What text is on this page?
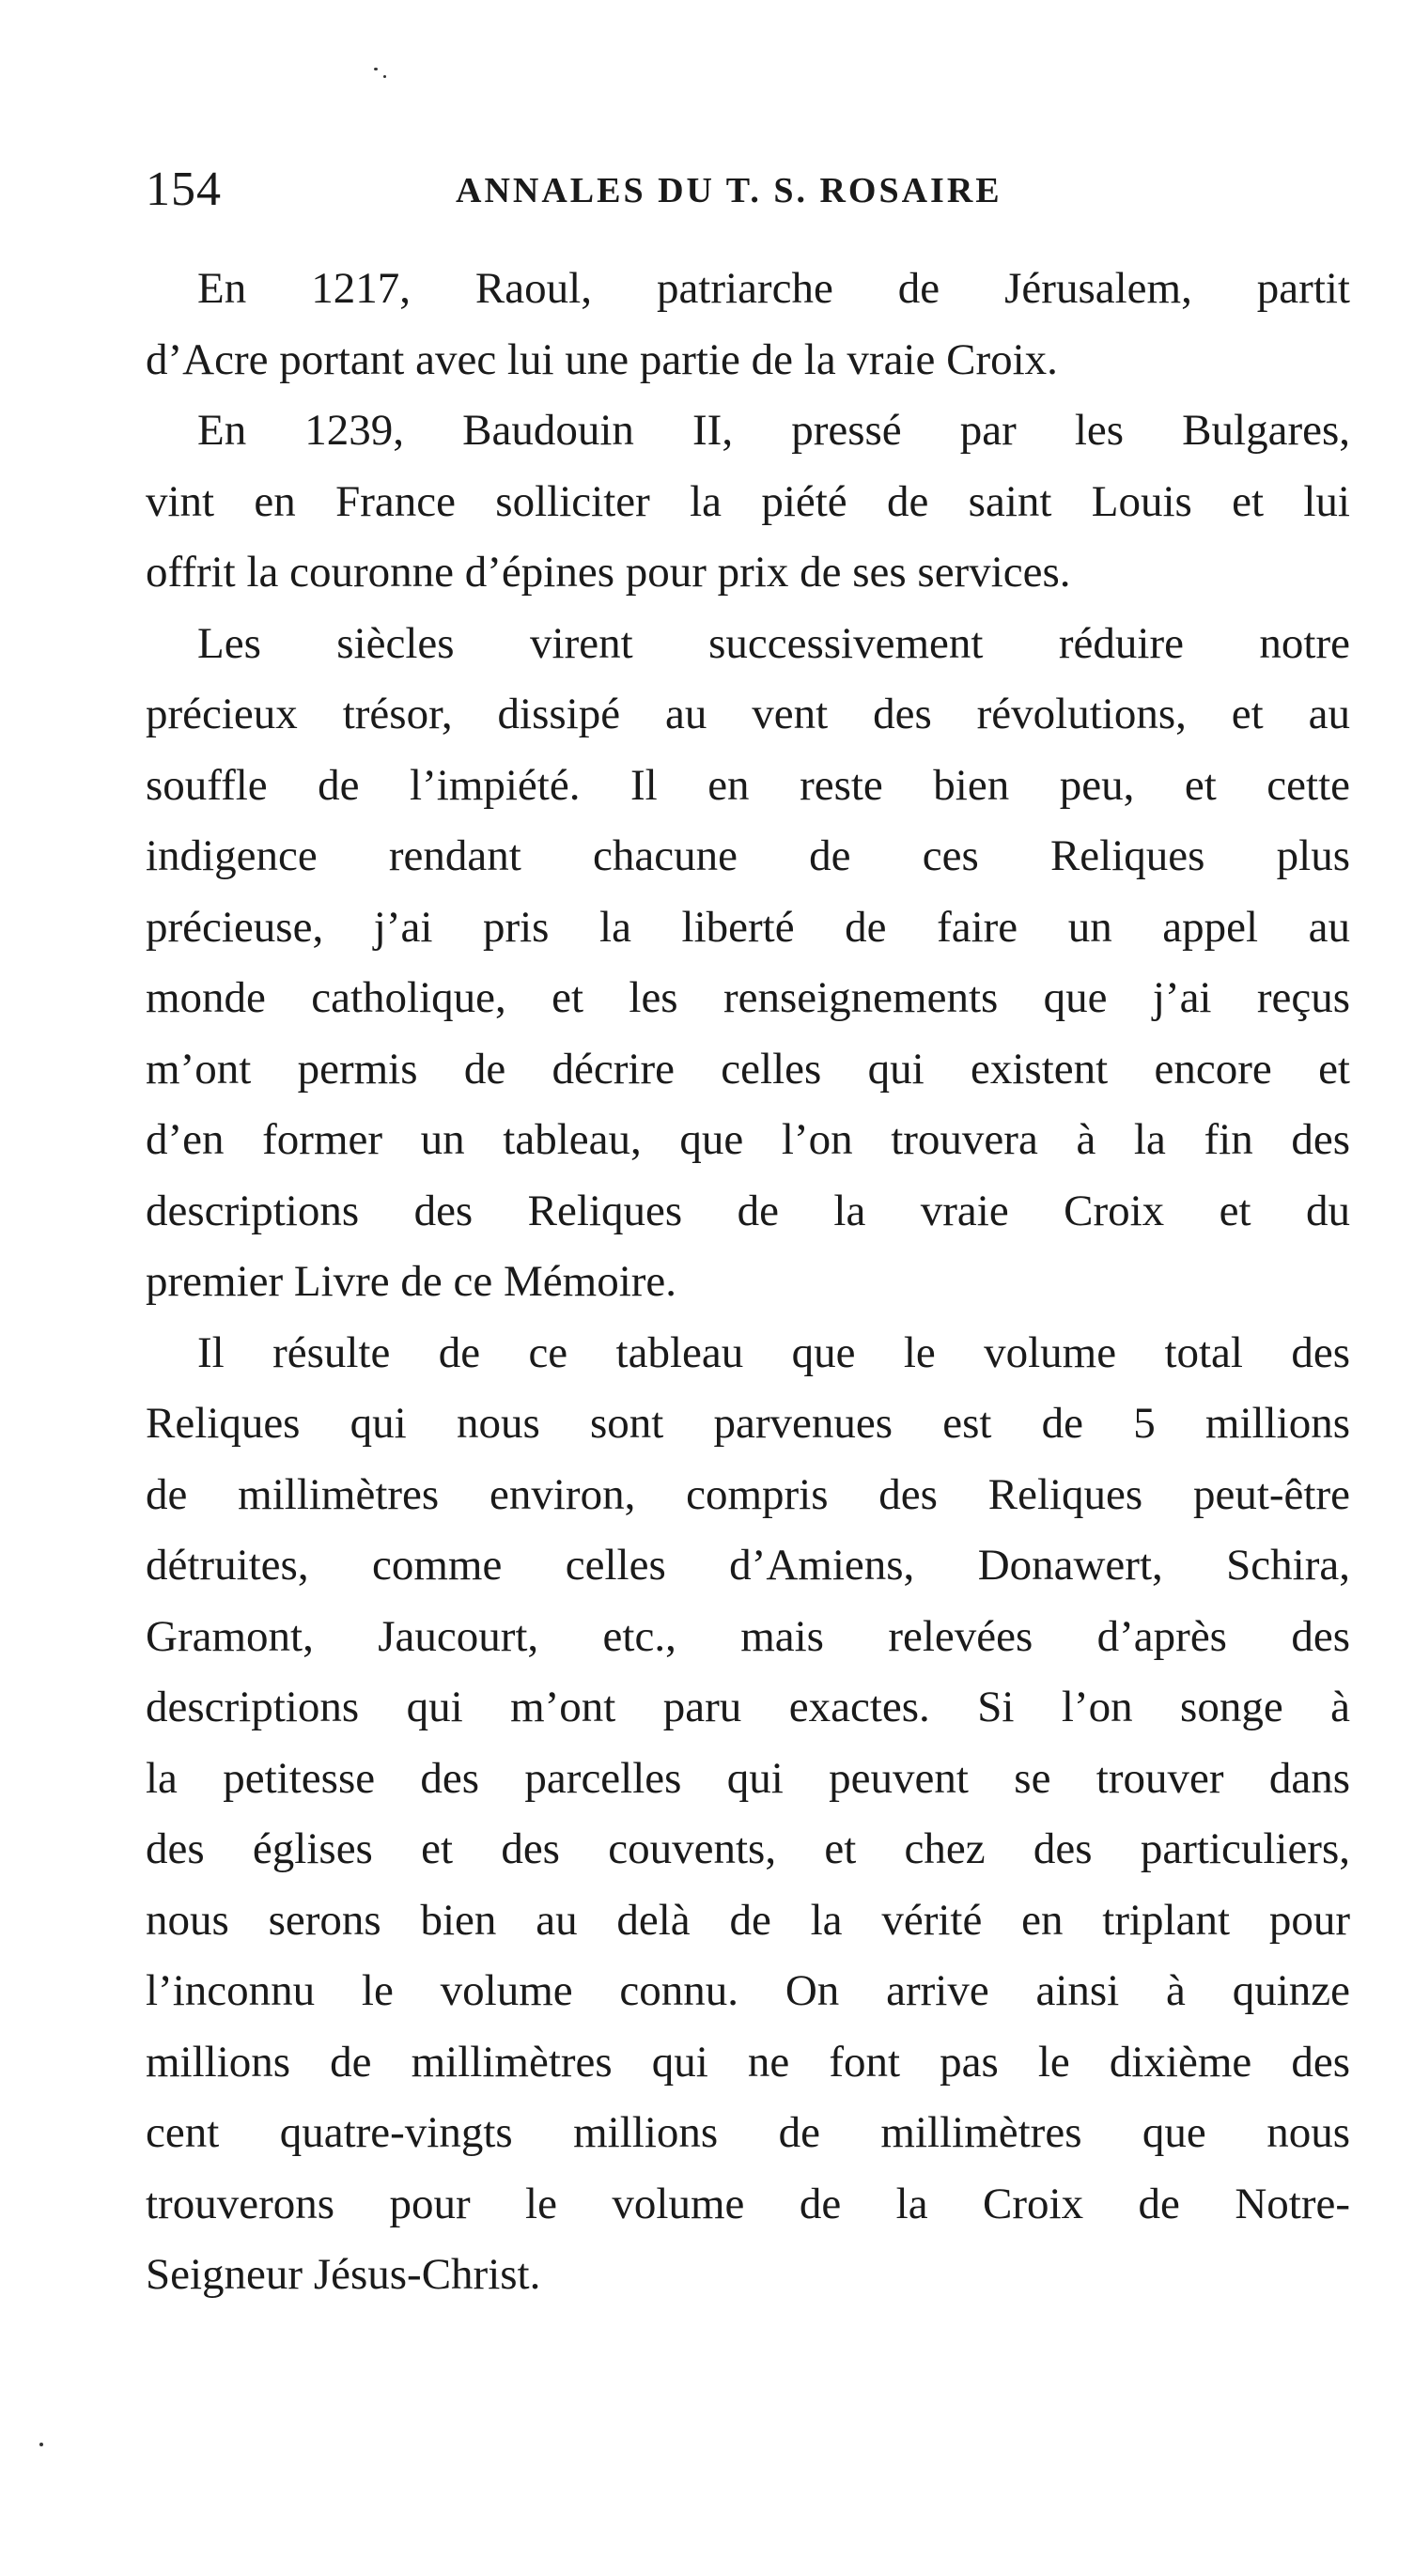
154	ANNALES DU T. S. ROSAIRE
En 1217, Raoul, patriarche de Jérusalem, partit
d’Acre portant avec lui une partie de la vraie Croix.
En 1239, Baudouin II, pressé par les Bulgares,
vint en France solliciter la piété de saint Louis et lui
offrit la couronne d’épines pour prix de ses services.
Les siècles virent successivement réduire notre
précieux trésor, dissipé au vent des révolutions, et au
souffle de l’impiété. Il en reste bien peu, et cette
indigence rendant chacune de ces Reliques plus
précieuse, j’ai pris la liberté de faire un appel au
monde catholique, et les renseignements que j’ai reçus
m’ont permis de décrire celles qui existent encore et
d’en former un tableau, que l’on trouvera à la fin des
descriptions des Reliques de la vraie Croix et du
premier Livre de ce Mémoire.
Il résulte de ce tableau que le volume total des
Reliques qui nous sont parvenues est de 5 millions
de millimètres environ, compris des Reliques peut-être
détruites, comme celles d’Amiens, Donawert, Schira,
Gramont, Jaucourt, etc., mais relevées d’après des
descriptions qui m’ont paru exactes. Si l’on songe à
la petitesse des parcelles qui peuvent se trouver dans
des églises et des couvents, et chez des particuliers,
nous serons bien au delà de la vérité en triplant pour
l’inconnu le volume connu. On arrive ainsi à quinze
millions de millimètres qui ne font pas le dixième des
cent quatre-vingts millions de millimètres que nous
trouverons pour le volume de la Croix de Notre-
Seigneur Jésus-Christ.
